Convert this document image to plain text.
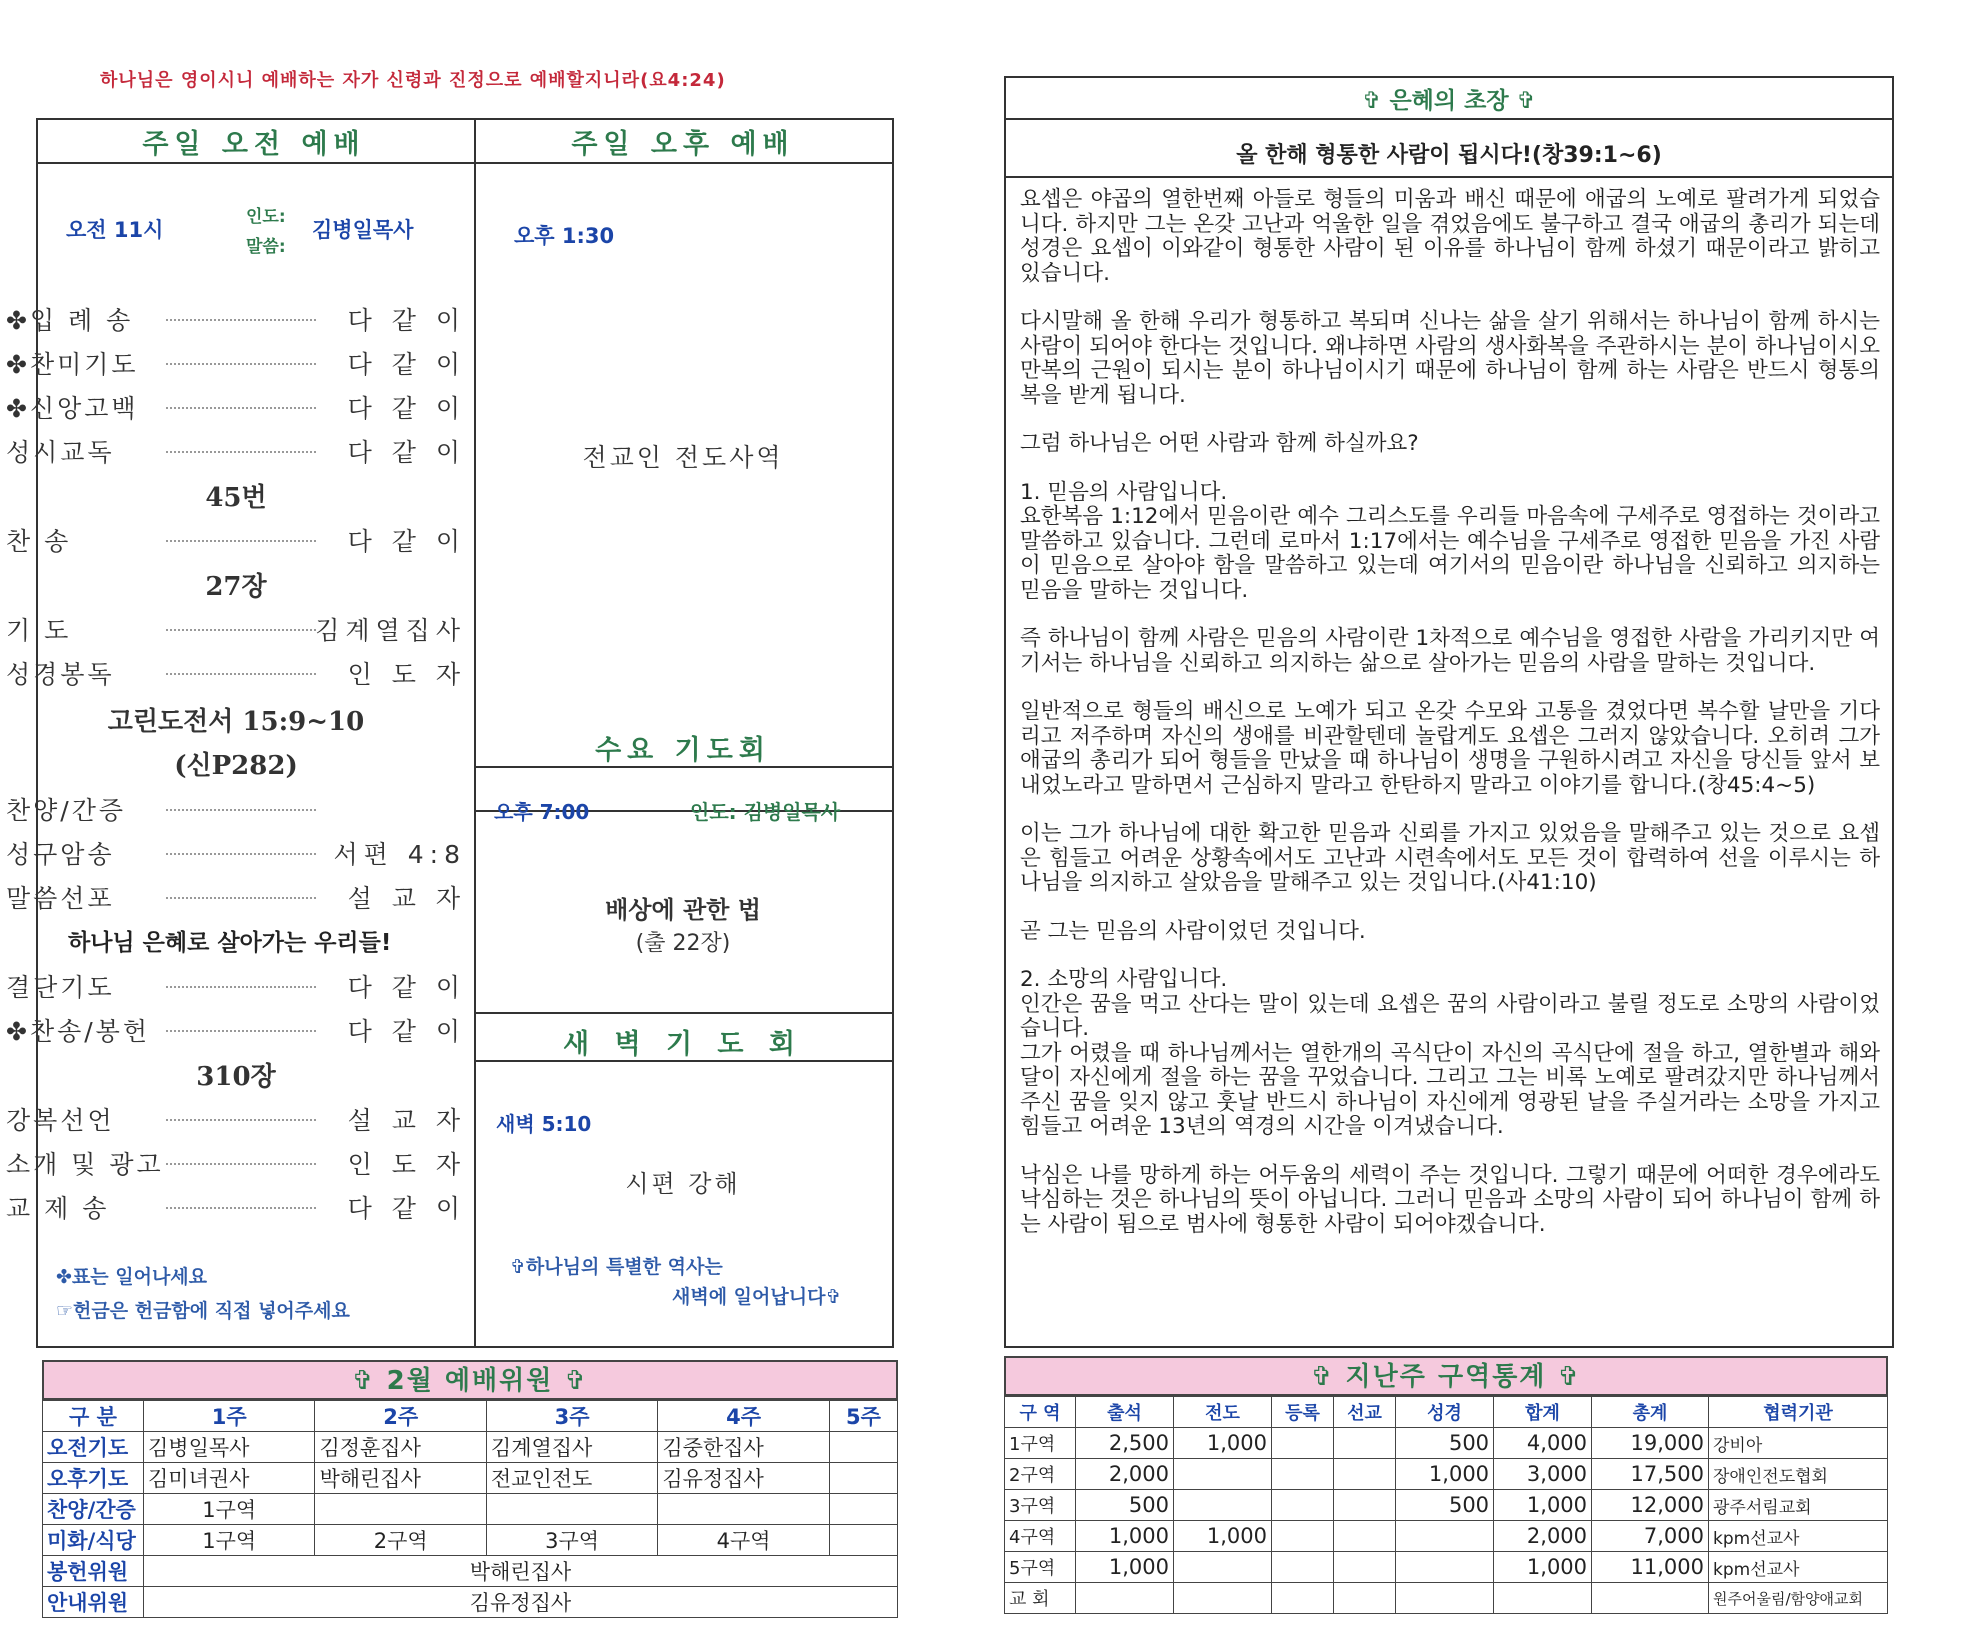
하나님은 영이시니 예배하는 자가 신령과 진정으로 예배할지니라(요4:24)
주일 오전 예배
오전 11시
인도:
말씀:
김병일목사
✤입 례 송	다 같 이
✤찬미기도	다 같 이
✤신앙고백	다 같 이
성시교독	다 같 이
45번
찬 송	다 같 이
27장
기 도	김계열집사
성경봉독	인 도 자
고린도전서 15:9~10
(신P282)
찬양/간증
성구암송	서편 4:8
말씀선포	설 교 자
하나님 은혜로 살아가는 우리들!
결단기도	다 같 이
✤찬송/봉헌	다 같 이
310장
강복선언	설 교 자
소개 및 광고	인 도 자
교 제 송	다 같 이
✤표는 일어나세요
☞헌금은 헌금함에 직접 넣어주세요
주일 오후 예배
오후 1:30
전교인 전도사역
수요 기도회
오후 7:00	인도: 김병일목사
배상에 관한 법
(출 22장)
새 벽 기 도 회
새벽 5:10
시편 강해
✞하나님의 특별한 역사는
새벽에 일어납니다✞
✞ 은혜의 초장 ✞
올 한해 형통한 사람이 됩시다!(창39:1~6)

요셉은 야곱의 열한번째 아들로 형들의 미움과 배신 때문에 애굽의 노예로 팔려가게 되었습니다. 하지만 그는 온갖 고난과 억울한 일을 겪었음에도 불구하고 결국 애굽의 총리가 되는데 성경은 요셉이 이와같이 형통한 사람이 된 이유를 하나님이 함께 하셨기 때문이라고 밝히고 있습니다.

다시말해 올 한해 우리가 형통하고 복되며 신나는 삶을 살기 위해서는 하나님이 함께 하시는 사람이 되어야 한다는 것입니다. 왜냐하면 사람의 생사화복을 주관하시는 분이 하나님이시오 만복의 근원이 되시는 분이 하나님이시기 때문에 하나님이 함께 하는 사람은 반드시 형통의 복을 받게 됩니다.

그럼 하나님은 어떤 사람과 함께 하실까요?

1. 믿음의 사람입니다.
요한복음 1:12에서 믿음이란 예수 그리스도를 우리들 마음속에 구세주로 영접하는 것이라고 말씀하고 있습니다. 그런데 로마서 1:17에서는 예수님을 구세주로 영접한 믿음을 가진 사람이 믿음으로 살아야 함을 말씀하고 있는데 여기서의 믿음이란 하나님을 신뢰하고 의지하는 믿음을 말하는 것입니다.

즉 하나님이 함께 사람은 믿음의 사람이란 1차적으로 예수님을 영접한 사람을 가리키지만 여기서는 하나님을 신뢰하고 의지하는 삶으로 살아가는 믿음의 사람을 말하는 것입니다.

일반적으로 형들의 배신으로 노예가 되고 온갖 수모와 고통을 겼었다면 복수할 날만을 기다리고 저주하며 자신의 생애를 비관할텐데 놀랍게도 요셉은 그러지 않았습니다. 오히려 그가 애굽의 총리가 되어 형들을 만났을 때 하나님이 생명을 구원하시려고 자신을 당신들 앞서 보내었노라고 말하면서 근심하지 말라고 한탄하지 말라고 이야기를 합니다.(창45:4~5)

이는 그가 하나님에 대한 확고한 믿음과 신뢰를 가지고 있었음을 말해주고 있는 것으로 요셉은 힘들고 어려운 상황속에서도 고난과 시련속에서도 모든 것이 합력하여 선을 이루시는 하나님을 의지하고 살았음을 말해주고 있는 것입니다.(사41:10)

곧 그는 믿음의 사람이었던 것입니다.

2. 소망의 사람입니다.
인간은 꿈을 먹고 산다는 말이 있는데 요셉은 꿈의 사람이라고 불릴 정도로 소망의 사람이었습니다.
그가 어렸을 때 하나님께서는 열한개의 곡식단이 자신의 곡식단에 절을 하고, 열한별과 해와 달이 자신에게 절을 하는 꿈을 꾸었습니다. 그리고 그는 비록 노예로 팔려갔지만 하나님께서 주신 꿈을 잊지 않고 훗날 반드시 하나님이 자신에게 영광된 날을 주실거라는 소망을 가지고 힘들고 어려운 13년의 역경의 시간을 이겨냈습니다.

낙심은 나를 망하게 하는 어두움의 세력이 주는 것입니다. 그렇기 때문에 어떠한 경우에라도 낙심하는 것은 하나님의 뜻이 아닙니다. 그러니 믿음과 소망의 사람이 되어 하나님이 함께 하는 사람이 됨으로 범사에 형통한 사람이 되어야겠습니다.

✞ 2월 예배위원 ✞
구 분	1주	2주	3주	4주	5주
오전기도	김병일목사	김정훈집사	김계열집사	김중한집사	
오후기도	김미녀권사	박해린집사	전교인전도	김유정집사	
찬양/간증	1구역				
미화/식당	1구역	2구역	3구역	4구역	
봉헌위원	박해린집사				
안내위원	김유정집사				
✞ 지난주 구역통계 ✞
구 역	출석	전도	등록	선교	성경	합계	총계	협력기관
1구역	2,500	1,000			500	4,000	19,000	강비아
2구역	2,000				1,000	3,000	17,500	장애인전도협회
3구역	500				500	1,000	12,000	광주서림교회
4구역	1,000	1,000				2,000	7,000	kpm선교사
5구역	1,000					1,000	11,000	kpm선교사
교 회								원주어울림/함양애교회
